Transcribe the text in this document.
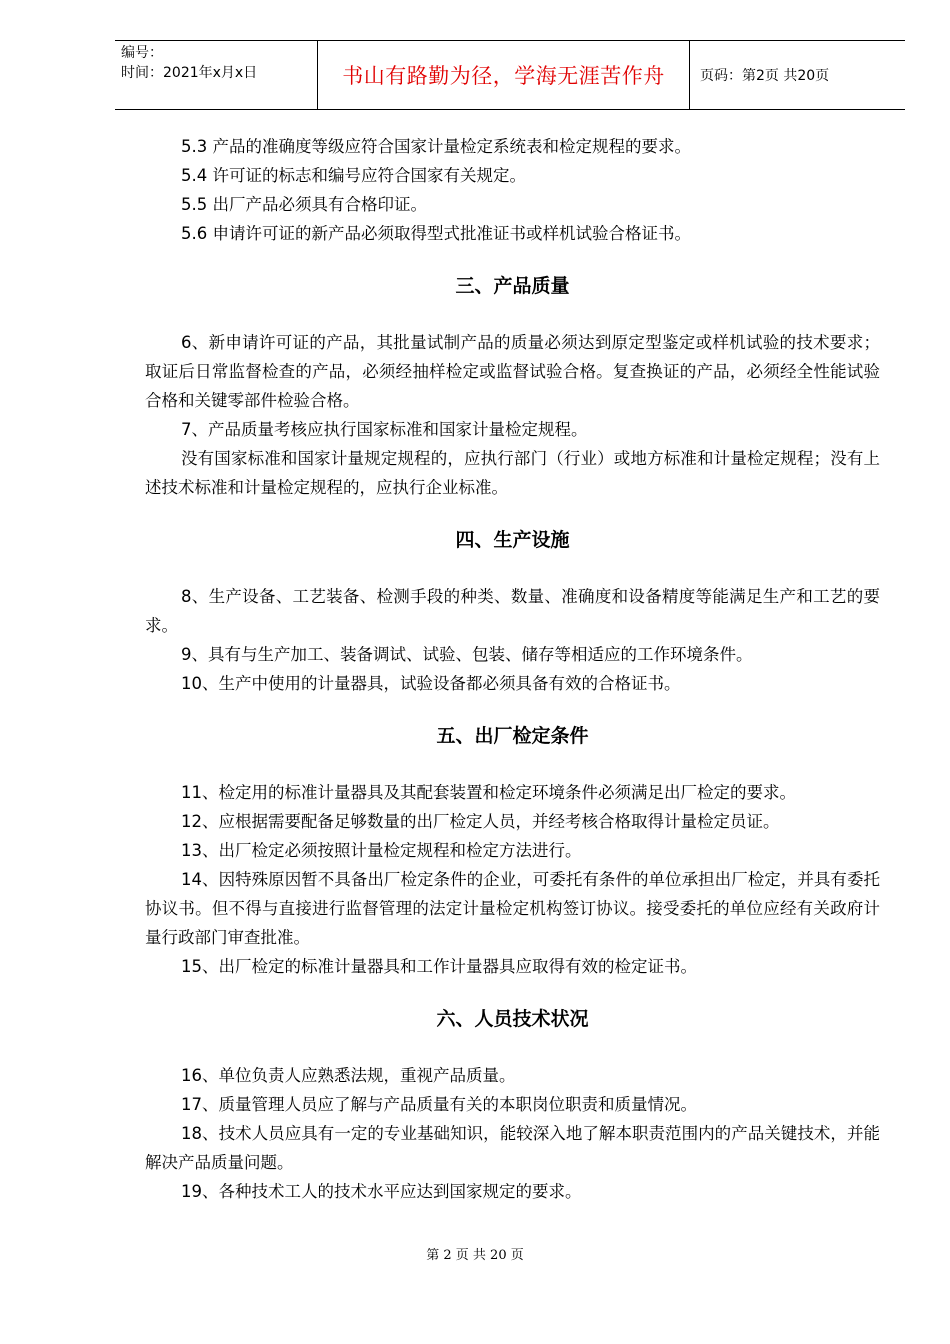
编号：
时间：2021年x月x日	书山有路勤为径，学海无涯苦作舟	页码：第2页 共20页

5.3 产品的准确度等级应符合国家计量检定系统表和检定规程的要求。

5.4 许可证的标志和编号应符合国家有关规定。

5.5 出厂产品必须具有合格印证。

5.6 申请许可证的新产品必须取得型式批准证书或样机试验合格证书。

三、产品质量

6、新申请许可证的产品，其批量试制产品的质量必须达到原定型鉴定或样机试验的技术要求；取证后日常监督检查的产品，必须经抽样检定或监督试验合格。复查换证的产品，必须经全性能试验合格和关键零部件检验合格。

7、产品质量考核应执行国家标准和国家计量检定规程。

没有国家标准和国家计量规定规程的，应执行部门（行业）或地方标准和计量检定规程；没有上述技术标准和计量检定规程的，应执行企业标准。

四、生产设施

8、生产设备、工艺装备、检测手段的种类、数量、准确度和设备精度等能满足生产和工艺的要求。

9、具有与生产加工、装备调试、试验、包装、储存等相适应的工作环境条件。

10、生产中使用的计量器具，试验设备都必须具备有效的合格证书。

五、出厂检定条件

11、检定用的标准计量器具及其配套装置和检定环境条件必须满足出厂检定的要求。

12、应根据需要配备足够数量的出厂检定人员，并经考核合格取得计量检定员证。

13、出厂检定必须按照计量检定规程和检定方法进行。

14、因特殊原因暂不具备出厂检定条件的企业，可委托有条件的单位承担出厂检定，并具有委托协议书。但不得与直接进行监督管理的法定计量检定机构签订协议。接受委托的单位应经有关政府计量行政部门审查批准。

15、出厂检定的标准计量器具和工作计量器具应取得有效的检定证书。

六、人员技术状况

16、单位负责人应熟悉法规，重视产品质量。

17、质量管理人员应了解与产品质量有关的本职岗位职责和质量情况。

18、技术人员应具有一定的专业基础知识，能较深入地了解本职责范围内的产品关键技术，并能解决产品质量问题。

19、各种技术工人的技术水平应达到国家规定的要求。

第 2 页 共 20 页
